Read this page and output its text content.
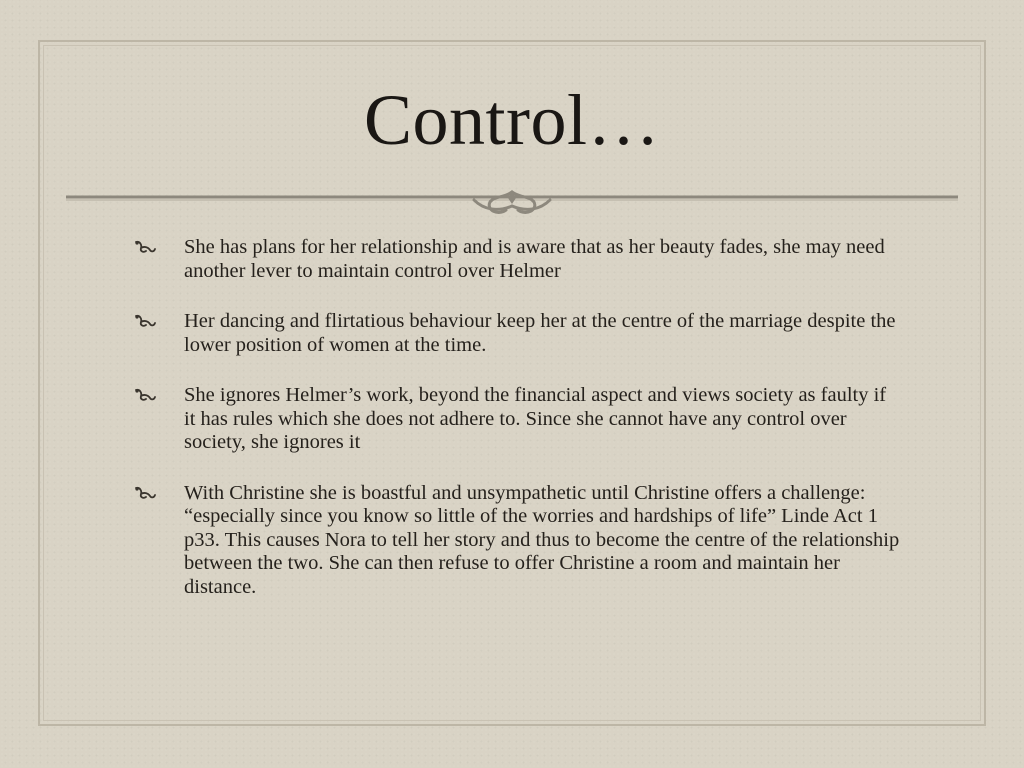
Control…
She has plans for her relationship and is aware that as her beauty fades, she may need another lever to maintain control over Helmer
Her dancing and flirtatious behaviour keep her at the centre of the marriage despite the lower position of women at the time.
She ignores Helmer’s work, beyond the financial aspect and views society as faulty if it has rules which she does not adhere to. Since she cannot have any control over society, she ignores it
With Christine she is boastful and unsympathetic until Christine offers a challenge: “especially since you know so little of the worries and hardships of life” Linde Act 1 p33. This causes Nora to tell her story and thus to become the centre of the relationship between the two. She can then refuse to offer Christine a room and maintain her distance.
